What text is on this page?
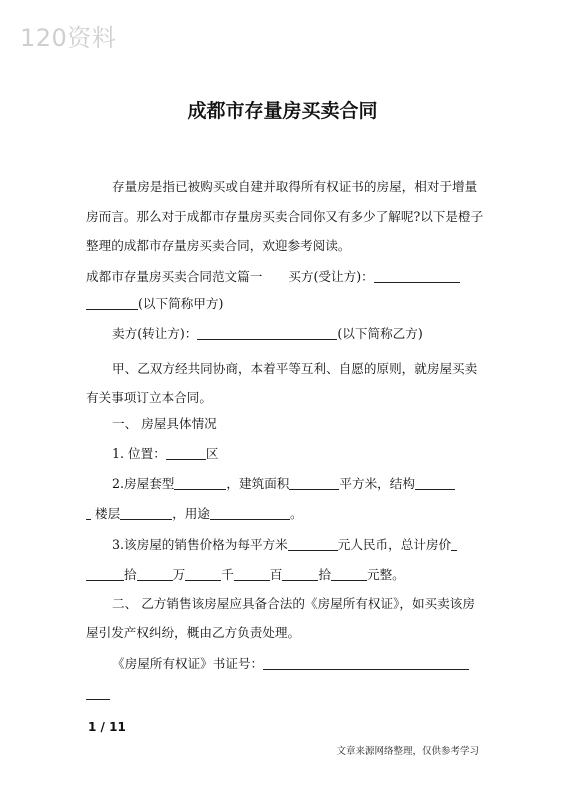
120资料
成都市存量房买卖合同
存量房是指已被购买或自建并取得所有权证书的房屋，相对于增量房而言。那么对于成都市存量房买卖合同你又有多少了解呢?以下是橙子整理的成都市存量房买卖合同，欢迎参考阅读。
成都市存量房买卖合同范文篇一 买方(受让方)：
(以下简称甲方)
卖方(转让方)：	(以下简称乙方)
甲、乙双方经共同协商，本着平等互利、自愿的原则，就房屋买卖有关事项订立本合同。
一、 房屋具体情况
1. 位置：	区
2.房屋套型	，建筑面积	平方米，结构
楼层	，用途	。
3.该房屋的销售价格为每平方米	元人民币，总计房价
拾	万	千	百	拾	元整。
二、 乙方销售该房屋应具备合法的《房屋所有权证》，如买卖该房屋引发产权纠纷，概由乙方负责处理。
《房屋所有权证》书证号：
1 / 11
文章来源网络整理，仅供参考学习
